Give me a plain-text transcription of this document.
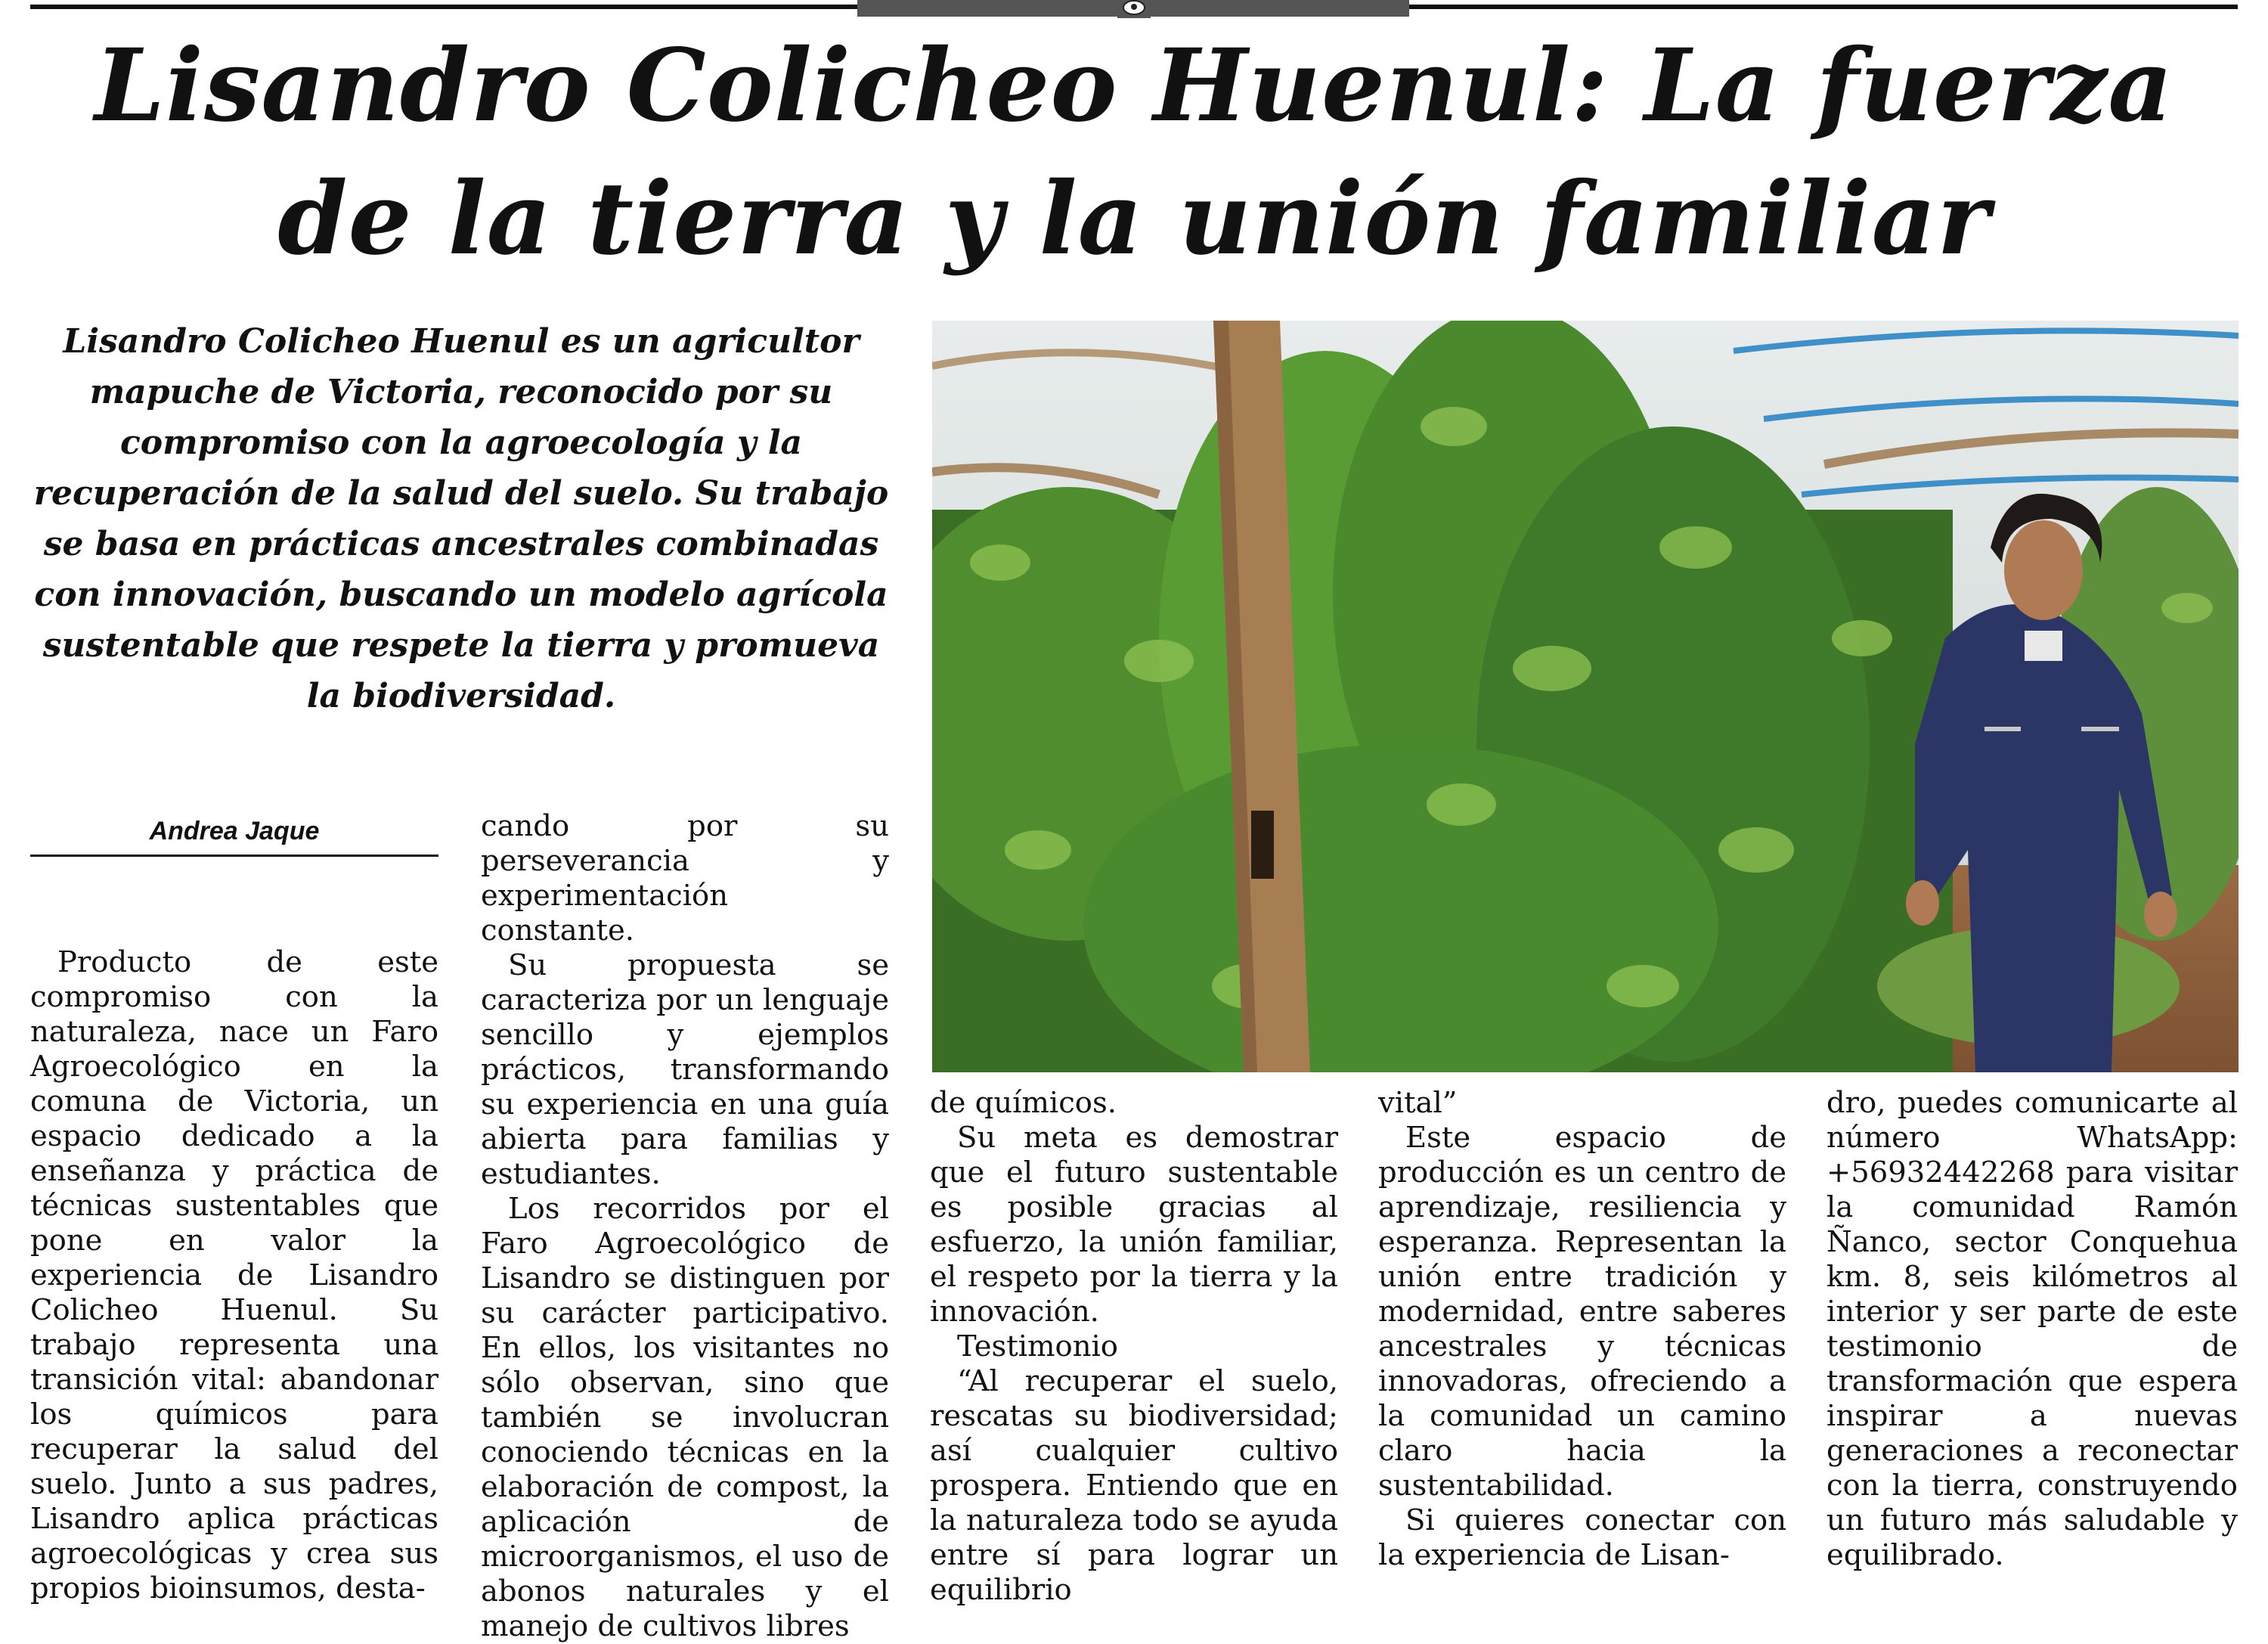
Lisandro Colicheo Huenul: La fuerza
de la tierra y la unión familiar
Lisandro Colicheo Huenul es un agricultor mapuche de Victoria, reconocido por su compromiso con la agroecología y la recuperación de la salud del suelo. Su trabajo se basa en prácticas ancestrales combinadas con innovación, buscando un modelo agrícola sustentable que respete la tierra y promueva la biodiversidad.
Andrea Jaque

Producto de este compromiso con la naturaleza, nace un Faro Agroecológico en la comuna de Victoria, un espacio dedicado a la enseñanza y práctica de técnicas sustentables que pone en valor la experiencia de Lisandro Colicheo Huenul. Su trabajo representa una transición vital: abandonar los químicos para recuperar la salud del suelo. Junto a sus padres, Lisandro aplica prácticas agroecológicas y crea sus propios bioinsumos, desta-

cando por su perseverancia y experimentación constante.

Su propuesta se caracteriza por un lenguaje sencillo y ejemplos prácticos, transformando su experiencia en una guía abierta para familias y estudiantes.

Los recorridos por el Faro Agroecológico de Lisandro se distinguen por su carácter participativo. En ellos, los visitantes no sólo observan, sino que también se involucran conociendo técnicas en la elaboración de compost, la aplicación de microorganismos, el uso de abonos naturales y el manejo de cultivos libres

de químicos.

Su meta es demostrar que el futuro sustentable es posible gracias al esfuerzo, la unión familiar, el respeto por la tierra y la innovación.

Testimonio

“Al recuperar el suelo, rescatas su biodiversidad; así cualquier cultivo prospera. Entiendo que en la naturaleza todo se ayuda entre sí para lograr un equilibrio

vital”

Este espacio de producción es un centro de aprendizaje, resiliencia y esperanza. Representan la unión entre tradición y modernidad, entre saberes ancestrales y técnicas innovadoras, ofreciendo a la comunidad un camino claro hacia la sustentabilidad.

Si quieres conectar con la experiencia de Lisan-

dro, puedes comunicarte al número WhatsApp: +56932442268 para visitar la comunidad Ramón Ñanco, sector Conquehua km. 8, seis kilómetros al interior y ser parte de este testimonio de transformación que espera inspirar a nuevas generaciones a reconectar con la tierra, construyendo un futuro más saludable y equilibrado.
